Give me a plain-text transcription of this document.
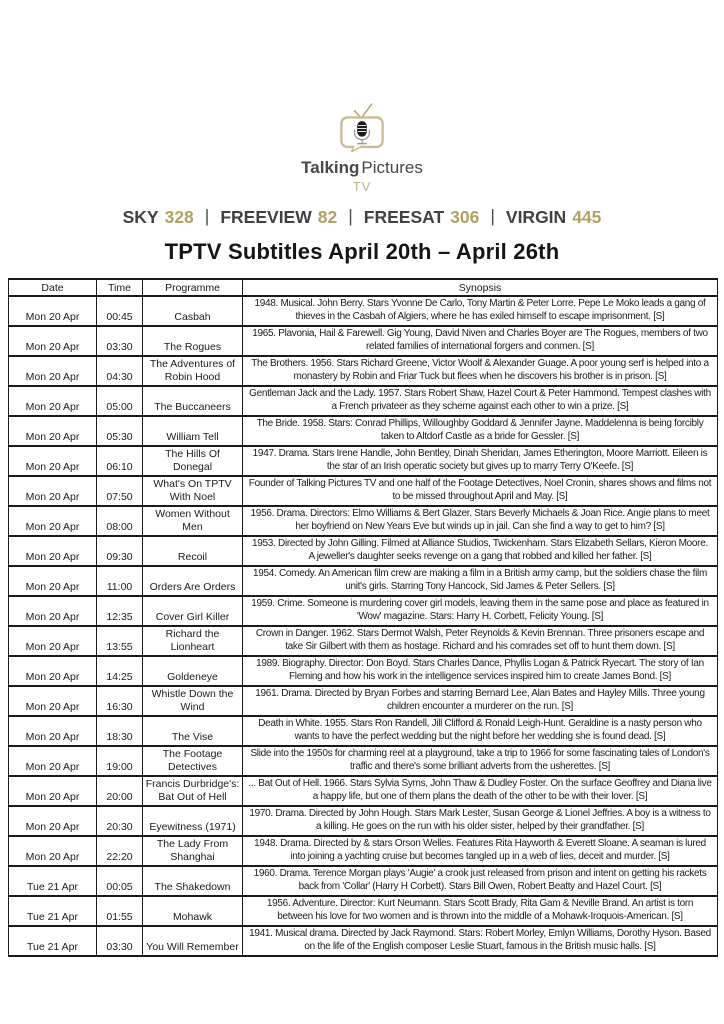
Talking Pictures
TV
SKY 328 | FREEVIEW 82 | FREESAT 306 | VIRGIN 445
TPTV Subtitles April 20th – April 26th
Date	Time	Programme	Synopsis
Mon 20 Apr	00:45	Casbah	1948. Musical. John Berry. Stars Yvonne De Carlo, Tony Martin & Peter Lorre. Pepe Le Moko leads a gang of thieves in the Casbah of Algiers, where he has exiled himself to escape imprisonment. [S]
Mon 20 Apr	03:30	The Rogues	1965. Plavonia, Hail & Farewell. Gig Young, David Niven and Charles Boyer are The Rogues, members of two related families of international forgers and conmen. [S]
Mon 20 Apr	04:30	The Adventures of Robin Hood	The Brothers. 1956. Stars Richard Greene, Victor Woolf & Alexander Guage. A poor young serf is helped into a monastery by Robin and Friar Tuck but flees when he discovers his brother is in prison. [S]
Mon 20 Apr	05:00	The Buccaneers	Gentleman Jack and the Lady. 1957. Stars Robert Shaw, Hazel Court & Peter Hammond. Tempest clashes with a French privateer as they scheme against each other to win a prize. [S]
Mon 20 Apr	05:30	William Tell	The Bride. 1958. Stars: Conrad Phillips, Willoughby Goddard & Jennifer Jayne. Maddelenna is being forcibly taken to Altdorf Castle as a bride for Gessler. [S]
Mon 20 Apr	06:10	The Hills Of Donegal	1947. Drama. Stars Irene Handle, John Bentley, Dinah Sheridan, James Etherington, Moore Marriott. Eileen is the star of an Irish operatic society but gives up to marry Terry O'Keefe. [S]
Mon 20 Apr	07:50	What's On TPTV With Noel	Founder of Talking Pictures TV and one half of the Footage Detectives, Noel Cronin, shares shows and films not to be missed throughout April and May. [S]
Mon 20 Apr	08:00	Women Without Men	1956. Drama. Directors: Elmo Williams & Bert Glazer. Stars Beverly Michaels & Joan Rice. Angie plans to meet her boyfriend on New Years Eve but winds up in jail. Can she find a way to get to him? [S]
Mon 20 Apr	09:30	Recoil	1953. Directed by John Gilling. Filmed at Alliance Studios, Twickenham. Stars Elizabeth Sellars, Kieron Moore. A jeweller's daughter seeks revenge on a gang that robbed and killed her father. [S]
Mon 20 Apr	11:00	Orders Are Orders	1954. Comedy. An American film crew are making a film in a British army camp, but the soldiers chase the film unit's girls. Starring Tony Hancock, Sid James & Peter Sellers. [S]
Mon 20 Apr	12:35	Cover Girl Killer	1959. Crime. Someone is murdering cover girl models, leaving them in the same pose and place as featured in 'Wow' magazine. Stars: Harry H. Corbett, Felicity Young. [S]
Mon 20 Apr	13:55	Richard the Lionheart	Crown in Danger. 1962. Stars Dermot Walsh, Peter Reynolds & Kevin Brennan. Three prisoners escape and take Sir Gilbert with them as hostage. Richard and his comrades set off to hunt them down. [S]
Mon 20 Apr	14:25	Goldeneye	1989. Biography. Director: Don Boyd. Stars Charles Dance, Phyllis Logan & Patrick Ryecart. The story of Ian Fleming and how his work in the intelligence services inspired him to create James Bond. [S]
Mon 20 Apr	16:30	Whistle Down the Wind	1961. Drama. Directed by Bryan Forbes and starring Bernard Lee, Alan Bates and Hayley Mills. Three young children encounter a murderer on the run. [S]
Mon 20 Apr	18:30	The Vise	Death in White. 1955. Stars Ron Randell, Jill Clifford & Ronald Leigh-Hunt. Geraldine is a nasty person who wants to have the perfect wedding but the night before her wedding she is found dead. [S]
Mon 20 Apr	19:00	The Footage Detectives	Slide into the 1950s for charming reel at a playground, take a trip to 1966 for some fascinating tales of London's traffic and there's some brilliant adverts from the usherettes. [S]
Mon 20 Apr	20:00	Francis Durbridge's: Bat Out of Hell	... Bat Out of Hell. 1966. Stars Sylvia Syms, John Thaw & Dudley Foster. On the surface Geoffrey and Diana live a happy life, but one of them plans the death of the other to be with their lover. [S]
Mon 20 Apr	20:30	Eyewitness (1971)	1970. Drama. Directed by John Hough. Stars Mark Lester, Susan George & Lionel Jeffries. A boy is a witness to a killing. He goes on the run with his older sister, helped by their grandfather. [S]
Mon 20 Apr	22:20	The Lady From Shanghai	1948. Drama. Directed by & stars Orson Welles. Features Rita Hayworth & Everett Sloane. A seaman is lured into joining a yachting cruise but becomes tangled up in a web of lies, deceit and murder. [S]
Tue 21 Apr	00:05	The Shakedown	1960. Drama. Terence Morgan plays 'Augie' a crook just released from prison and intent on getting his rackets back from 'Collar' (Harry H Corbett). Stars Bill Owen, Robert Beatty and Hazel Court. [S]
Tue 21 Apr	01:55	Mohawk	1956. Adventure. Director: Kurt Neumann. Stars Scott Brady, Rita Gam & Neville Brand. An artist is torn between his love for two women and is thrown into the middle of a Mohawk-Iroquois-American. [S]
Tue 21 Apr	03:30	You Will Remember	1941. Musical drama. Directed by Jack Raymond. Stars: Robert Morley, Emlyn Williams, Dorothy Hyson. Based on the life of the English composer Leslie Stuart, famous in the British music halls. [S]
